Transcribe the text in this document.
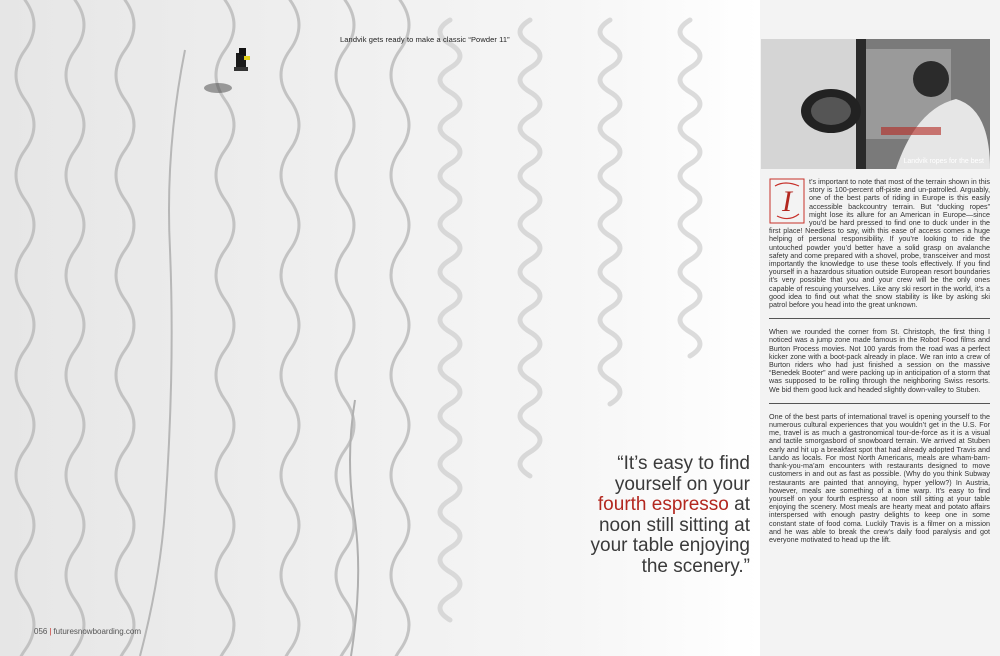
Landvik gets ready to make a classic “Powder 11”
Landvik ropes for the best
“It’s easy to find yourself on your fourth espresso at noon still sitting at your table enjoying the scenery.”

I
t’s important to note that most of the terrain shown in this story is 100-percent off-piste and un-patrolled. Arguably, one of the best parts of riding in Europe is this easily accessible backcountry terrain. But “ducking ropes” might lose its allure for an American in Europe—since you’d be hard pressed to find one to duck under in the first place! Needless to say, with this ease of access comes a huge helping of personal responsibility. If you’re looking to ride the untouched powder you’d better have a solid grasp on avalanche safety and come prepared with a shovel, probe, transceiver and most importantly the knowledge to use these tools effectively. If you find yourself in a hazardous situation outside European resort boundaries it’s very possible that you and your crew will be the only ones capable of rescuing yourselves. Like any ski resort in the world, it’s a good idea to find out what the snow stability is like by asking ski patrol before you head into the great unknown.

When we rounded the corner from St. Christoph, the first thing I noticed was a jump zone made famous in the Robot Food films and Burton Process movies. Not 100 yards from the road was a perfect kicker zone with a boot-pack already in place. We ran into a crew of Burton riders who had just finished a session on the massive “Benedek Booter” and were packing up in anticipation of a storm that was supposed to be rolling through the neighboring Swiss resorts. We bid them good luck and headed slightly down-valley to Stuben.

One of the best parts of international travel is opening yourself to the numerous cultural experiences that you wouldn’t get in the U.S. For me, travel is as much a gastronomical tour-de-force as it is a visual and tactile smorgasbord of snowboard terrain. We arrived at Stuben early and hit up a breakfast spot that had already adopted Travis and Lando as locals. For most North Americans, meals are wham-bam-thank-you-ma’am encounters with restaurants designed to move customers in and out as fast as possible. (Why do you think Subway restaurants are painted that annoying, hyper yellow?) In Austria, however, meals are something of a time warp. It’s easy to find yourself on your fourth espresso at noon still sitting at your table enjoying the scenery. Most meals are hearty meat and potato affairs interspersed with enough pastry delights to keep one in some constant state of food coma. Luckily Travis is a filmer on a mission and he was able to break the crew’s daily food paralysis and got everyone motivated to head up the lift.

056 | futuresnowboarding.com
